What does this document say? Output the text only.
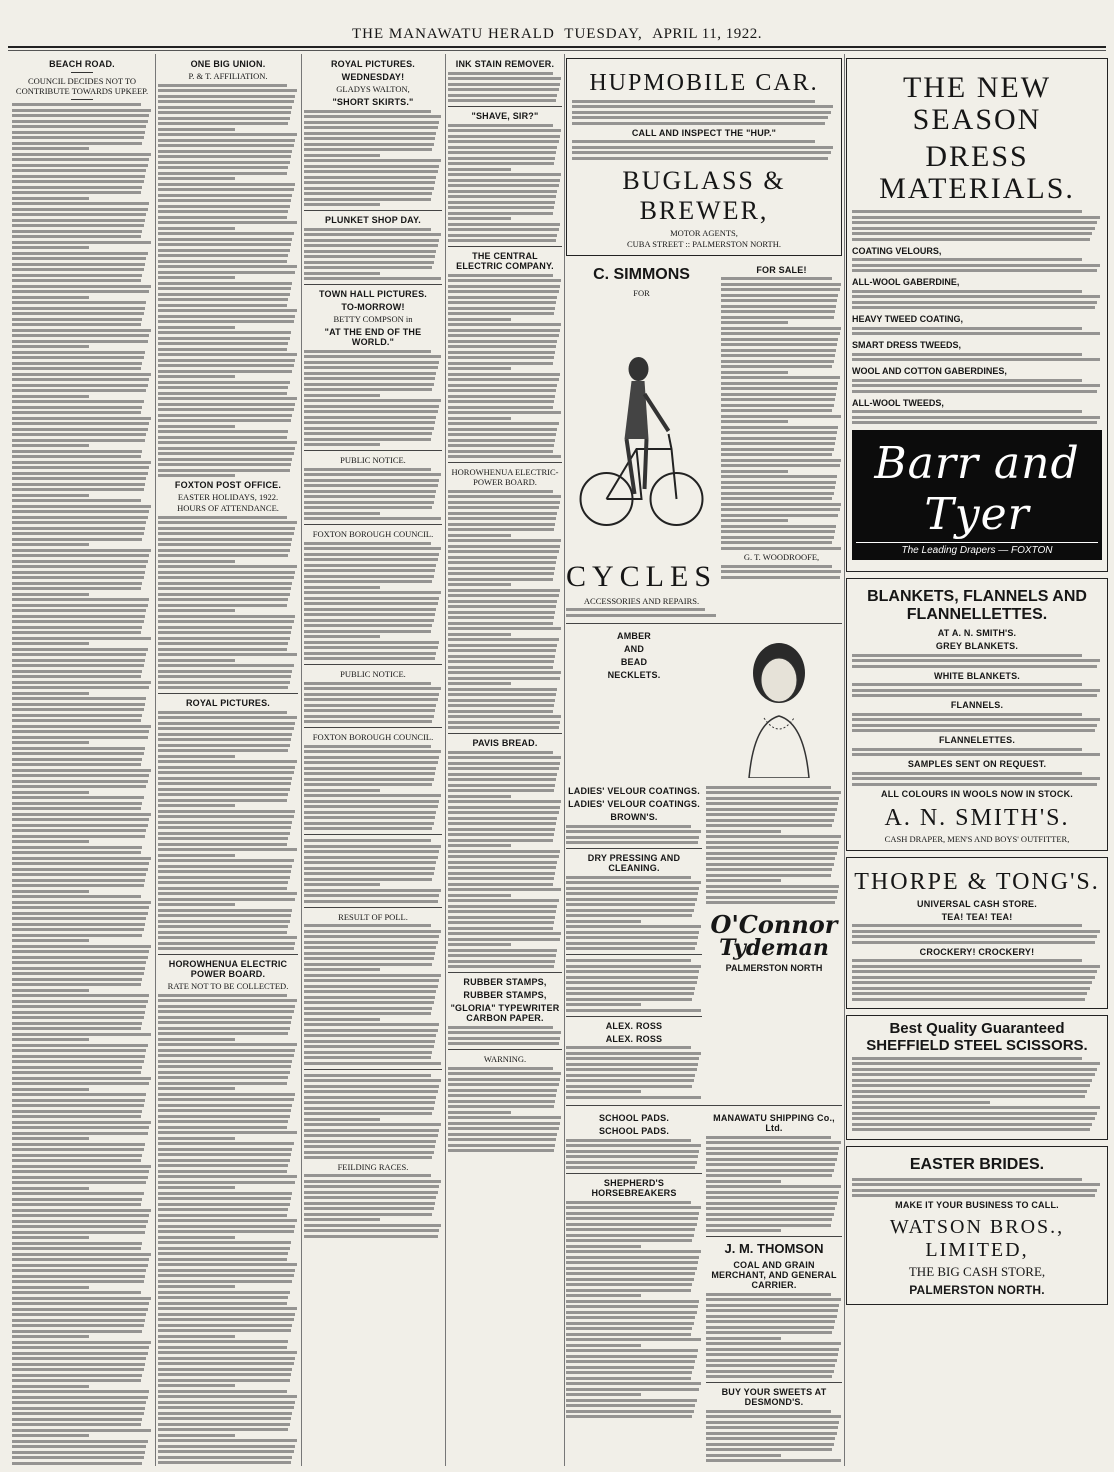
THE MANAWATU HERALD TUESDAY, APRIL 11, 1922.
BEACH ROAD.
COUNCIL DECIDES NOT TO CONTRIBUTE TOWARDS UPKEEP.
ONE BIG UNION.
P. & T. AFFILIATION.
FOXTON POST OFFICE.
EASTER HOLIDAYS, 1922.
HOURS OF ATTENDANCE.
ROYAL PICTURES.
HOROWHENUA ELECTRIC POWER BOARD.
RATE NOT TO BE COLLECTED.
ROYAL PICTURES.
WEDNESDAY!
GLADYS WALTON,
"SHORT SKIRTS."
PLUNKET SHOP DAY.
TOWN HALL PICTURES.
TO-MORROW!
BETTY COMPSON in
"AT THE END OF THE WORLD."
PUBLIC NOTICE.
FOXTON BOROUGH COUNCIL.
PUBLIC NOTICE.
FOXTON BOROUGH COUNCIL.
RESULT OF POLL.
FEILDING RACES.
INK STAIN REMOVER.
"SHAVE, SIR?"
THE CENTRAL ELECTRIC COMPANY.
HOROWHENUA ELECTRIC-POWER BOARD.
PAVIS BREAD.
RUBBER STAMPS,
RUBBER STAMPS,
"GLORIA" TYPEWRITER CARBON PAPER.
WARNING.
HUPMOBILE CAR.
CALL AND INSPECT THE "HUP."
BUGLASS & BREWER,
MOTOR AGENTS,
CUBA STREET :: PALMERSTON NORTH.
C. SIMMONS
FOR
CYCLES
ACCESSORIES AND REPAIRS.
FOR SALE!
G. T. WOODROOFE,
AMBER
AND
BEAD
NECKLETS.
LADIES' VELOUR COATINGS.
LADIES' VELOUR COATINGS.
BROWN'S.
DRY PRESSING AND CLEANING.
ALEX. ROSS
ALEX. ROSS
O'Connor
Tydeman
PALMERSTON NORTH
SCHOOL PADS.
SCHOOL PADS.
SHEPHERD'S HORSEBREAKERS
MANAWATU SHIPPING Co., Ltd.
J. M. THOMSON
COAL AND GRAIN MERCHANT, AND GENERAL CARRIER.
BUY YOUR SWEETS AT DESMOND'S.
THE NEW SEASON
DRESS MATERIALS.
COATING VELOURS,
ALL-WOOL GABERDINE,
HEAVY TWEED COATING,
SMART DRESS TWEEDS,
WOOL AND COTTON GABERDINES,
ALL-WOOL TWEEDS,
Barr and Tyer
The Leading Drapers — FOXTON
BLANKETS, FLANNELS AND FLANNELLETTES.
AT A. N. SMITH'S.
GREY BLANKETS.
WHITE BLANKETS.
FLANNELS.
FLANNELETTES.
SAMPLES SENT ON REQUEST.
ALL COLOURS IN WOOLS NOW IN STOCK.
A. N. SMITH'S.
CASH DRAPER, MEN'S AND BOYS' OUTFITTER,
THORPE & TONG'S.
UNIVERSAL CASH STORE.
TEA! TEA! TEA!
CROCKERY! CROCKERY!
Best Quality Guaranteed
SHEFFIELD STEEL SCISSORS.
EASTER BRIDES.
MAKE IT YOUR BUSINESS TO CALL.
WATSON BROS., LIMITED,
THE BIG CASH STORE,
PALMERSTON NORTH.
